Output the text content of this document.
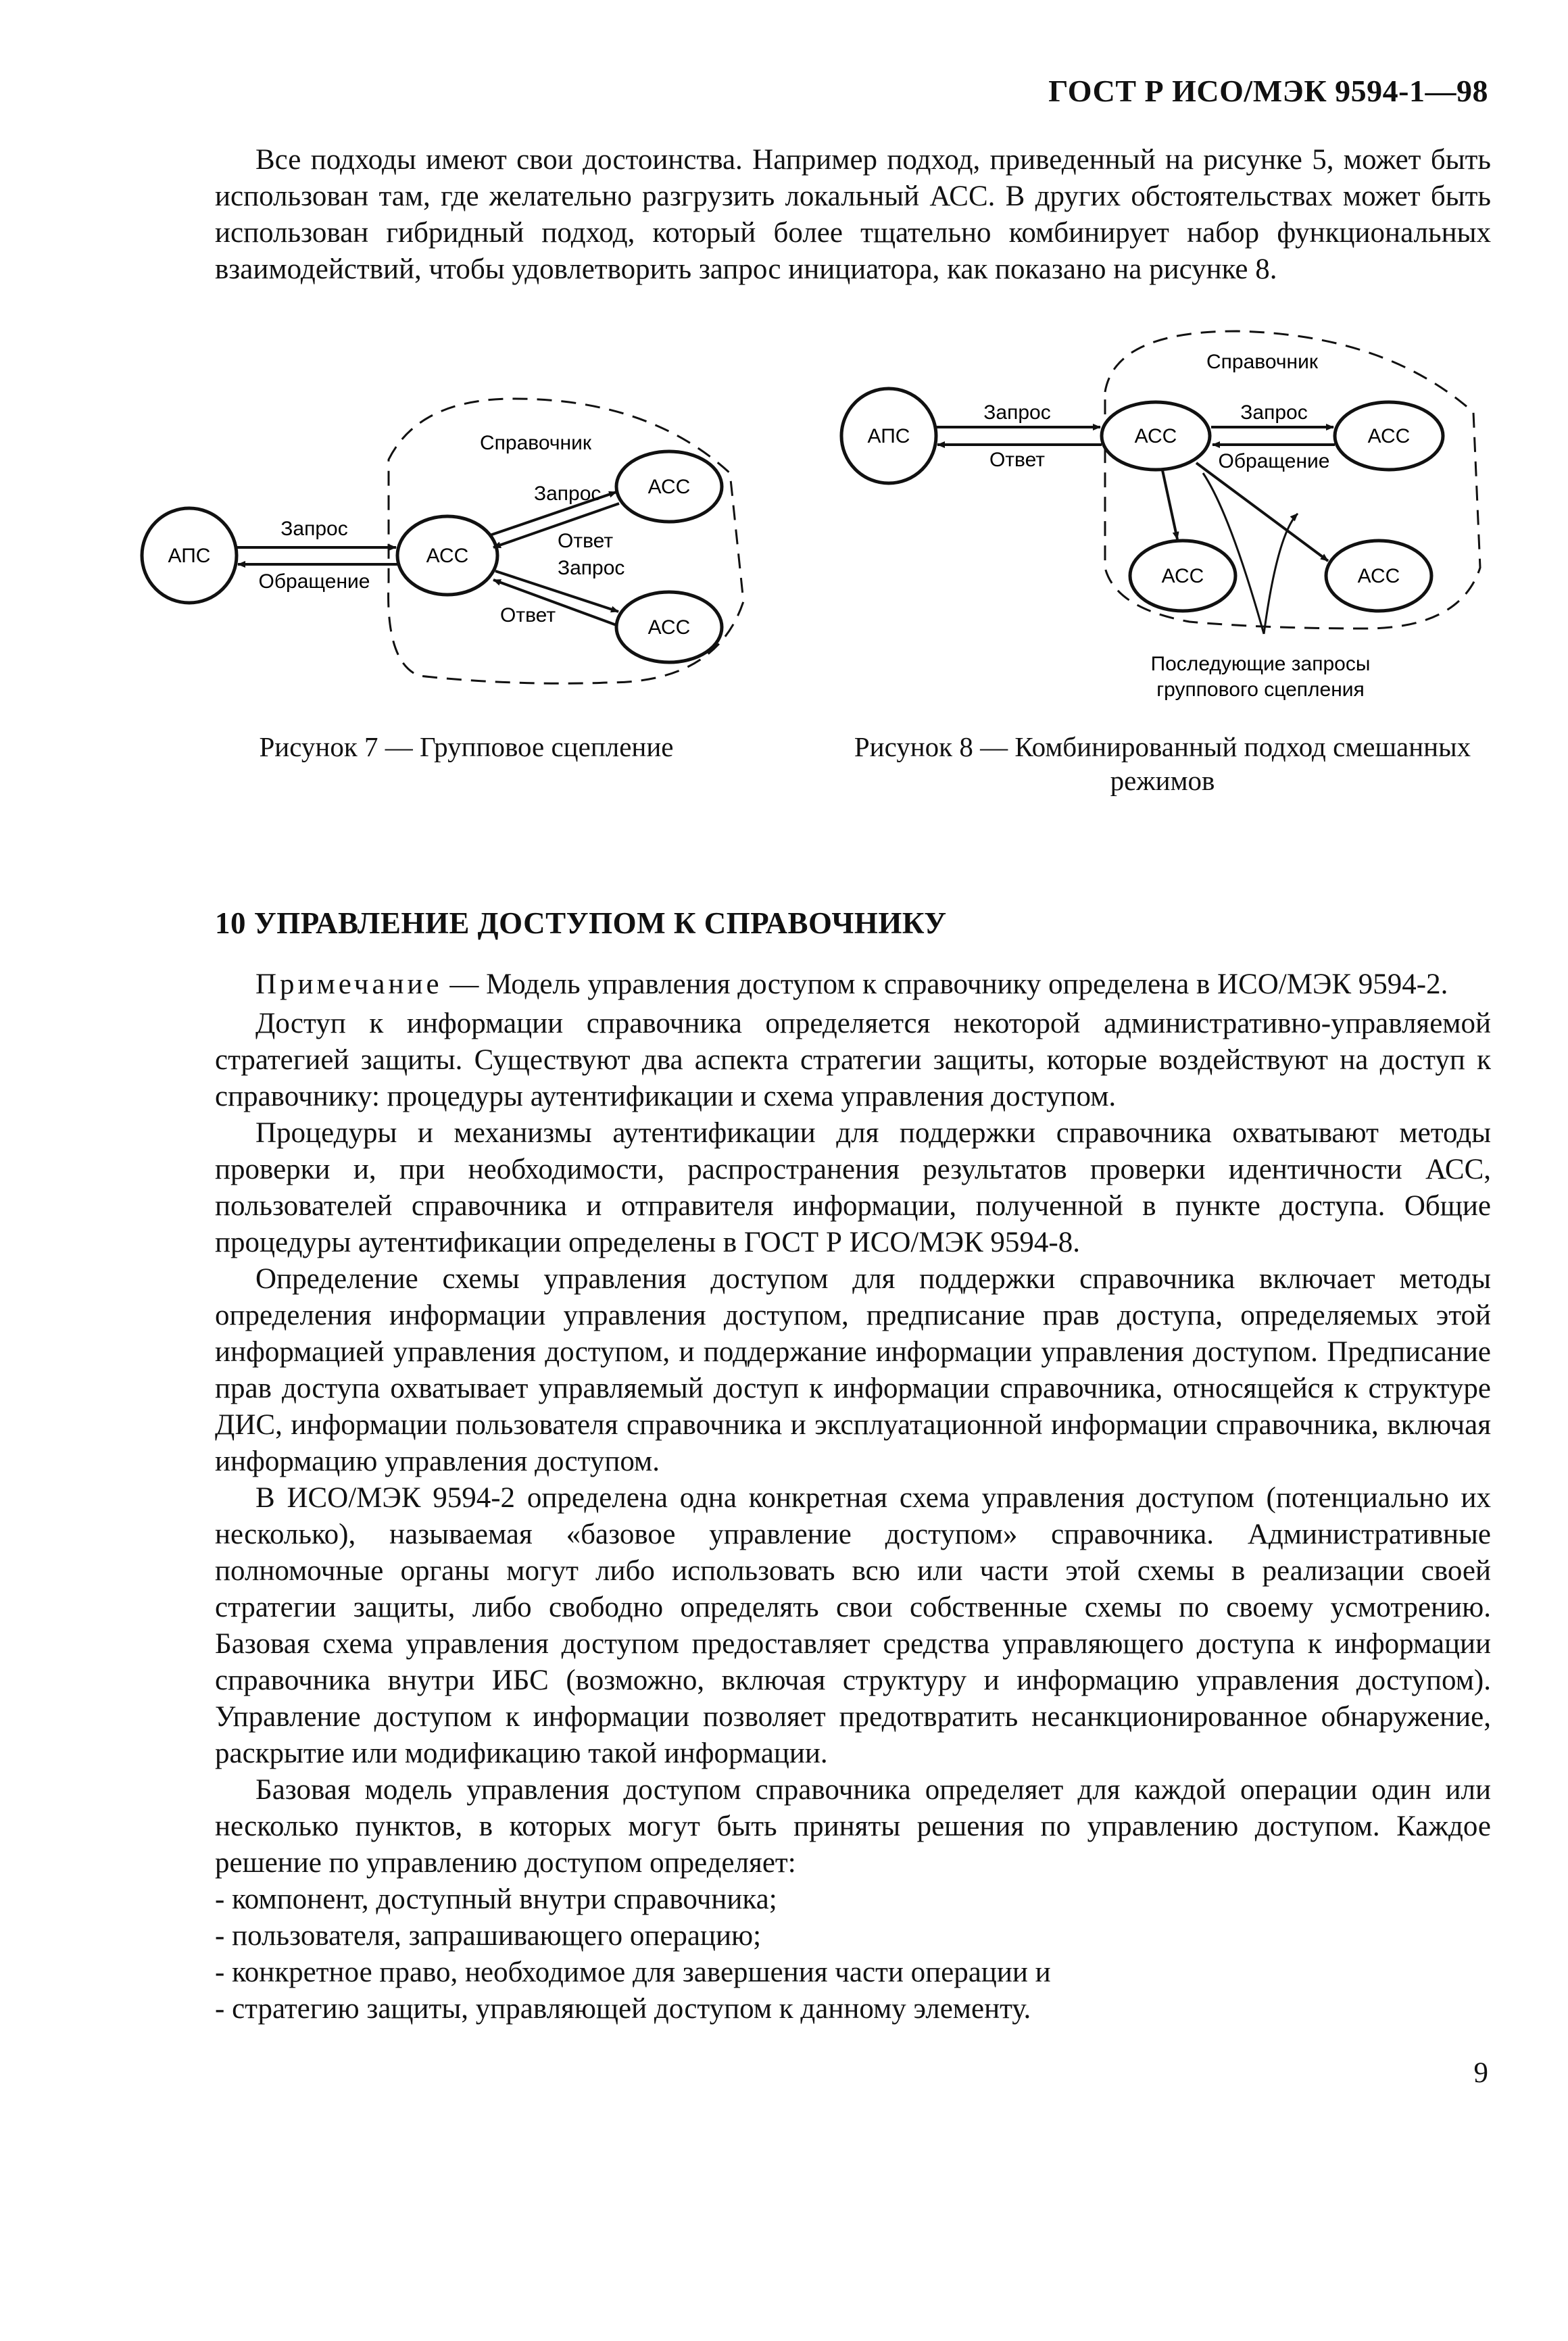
ГОСТ Р ИСО/МЭК 9594-1—98

Все подходы имеют свои достоинства. Например подход, приведенный на рисунке 5, может быть использован там, где желательно разгрузить локальный АСС. В других обстоятельствах может быть использован гибридный подход, который более тщательно комбинирует набор функциональных взаимодействий, чтобы удовлетворить запрос инициатора, как показано на рисунке 8.

Справочник
АПС	АСС
АСС
АСС
Запрос
Обращение
Запрос
Ответ
Запрос
Ответ
Рисунок 7 — Групповое сцепление
Справочник
АПС	АСС	АСС
АСС	АСС
Запрос
Ответ
Запрос
Обращение
Последующие запросы
группового сцепления
Рисунок 8 — Комбинированный подход смешанных режимов
10 УПРАВЛЕНИЕ ДОСТУПОМ К СПРАВОЧНИКУ

Примечание — Модель управления доступом к справочнику определена в ИСО/МЭК 9594-2.

Доступ к информации справочника определяется некоторой административно-управляемой стратегией защиты. Существуют два аспекта стратегии защиты, которые воздействуют на доступ к справочнику: процедуры аутентификации и схема управления доступом.

Процедуры и механизмы аутентификации для поддержки справочника охватывают методы проверки и, при необходимости, распространения результатов проверки идентичности АСС, пользователей справочника и отправителя информации, полученной в пункте доступа. Общие процедуры аутентификации определены в ГОСТ Р ИСО/МЭК 9594-8.

Определение схемы управления доступом для поддержки справочника включает методы определения информации управления доступом, предписание прав доступа, определяемых этой информацией управления доступом, и поддержание информации управления доступом. Предписание прав доступа охватывает управляемый доступ к информации справочника, относящейся к структуре ДИС, информации пользователя справочника и эксплуатационной информации справочника, включая информацию управления доступом.

В ИСО/МЭК 9594-2 определена одна конкретная схема управления доступом (потенциально их несколько), называемая «базовое управление доступом» справочника. Административные полномочные органы могут либо использовать всю или части этой схемы в реализации своей стратегии защиты, либо свободно определять свои собственные схемы по своему усмотрению. Базовая схема управления доступом предоставляет средства управляющего доступа к информации справочника внутри ИБС (возможно, включая структуру и информацию управления доступом). Управление доступом к информации позволяет предотвратить несанкционированное обнаружение, раскрытие или модификацию такой информации.

Базовая модель управления доступом справочника определяет для каждой операции один или несколько пунктов, в которых могут быть приняты решения по управлению доступом. Каждое решение по управлению доступом определяет:

- компонент, доступный внутри справочника;
- пользователя, запрашивающего операцию;
- конкретное право, необходимое для завершения части операции и
- стратегию защиты, управляющей доступом к данному элементу.
9
